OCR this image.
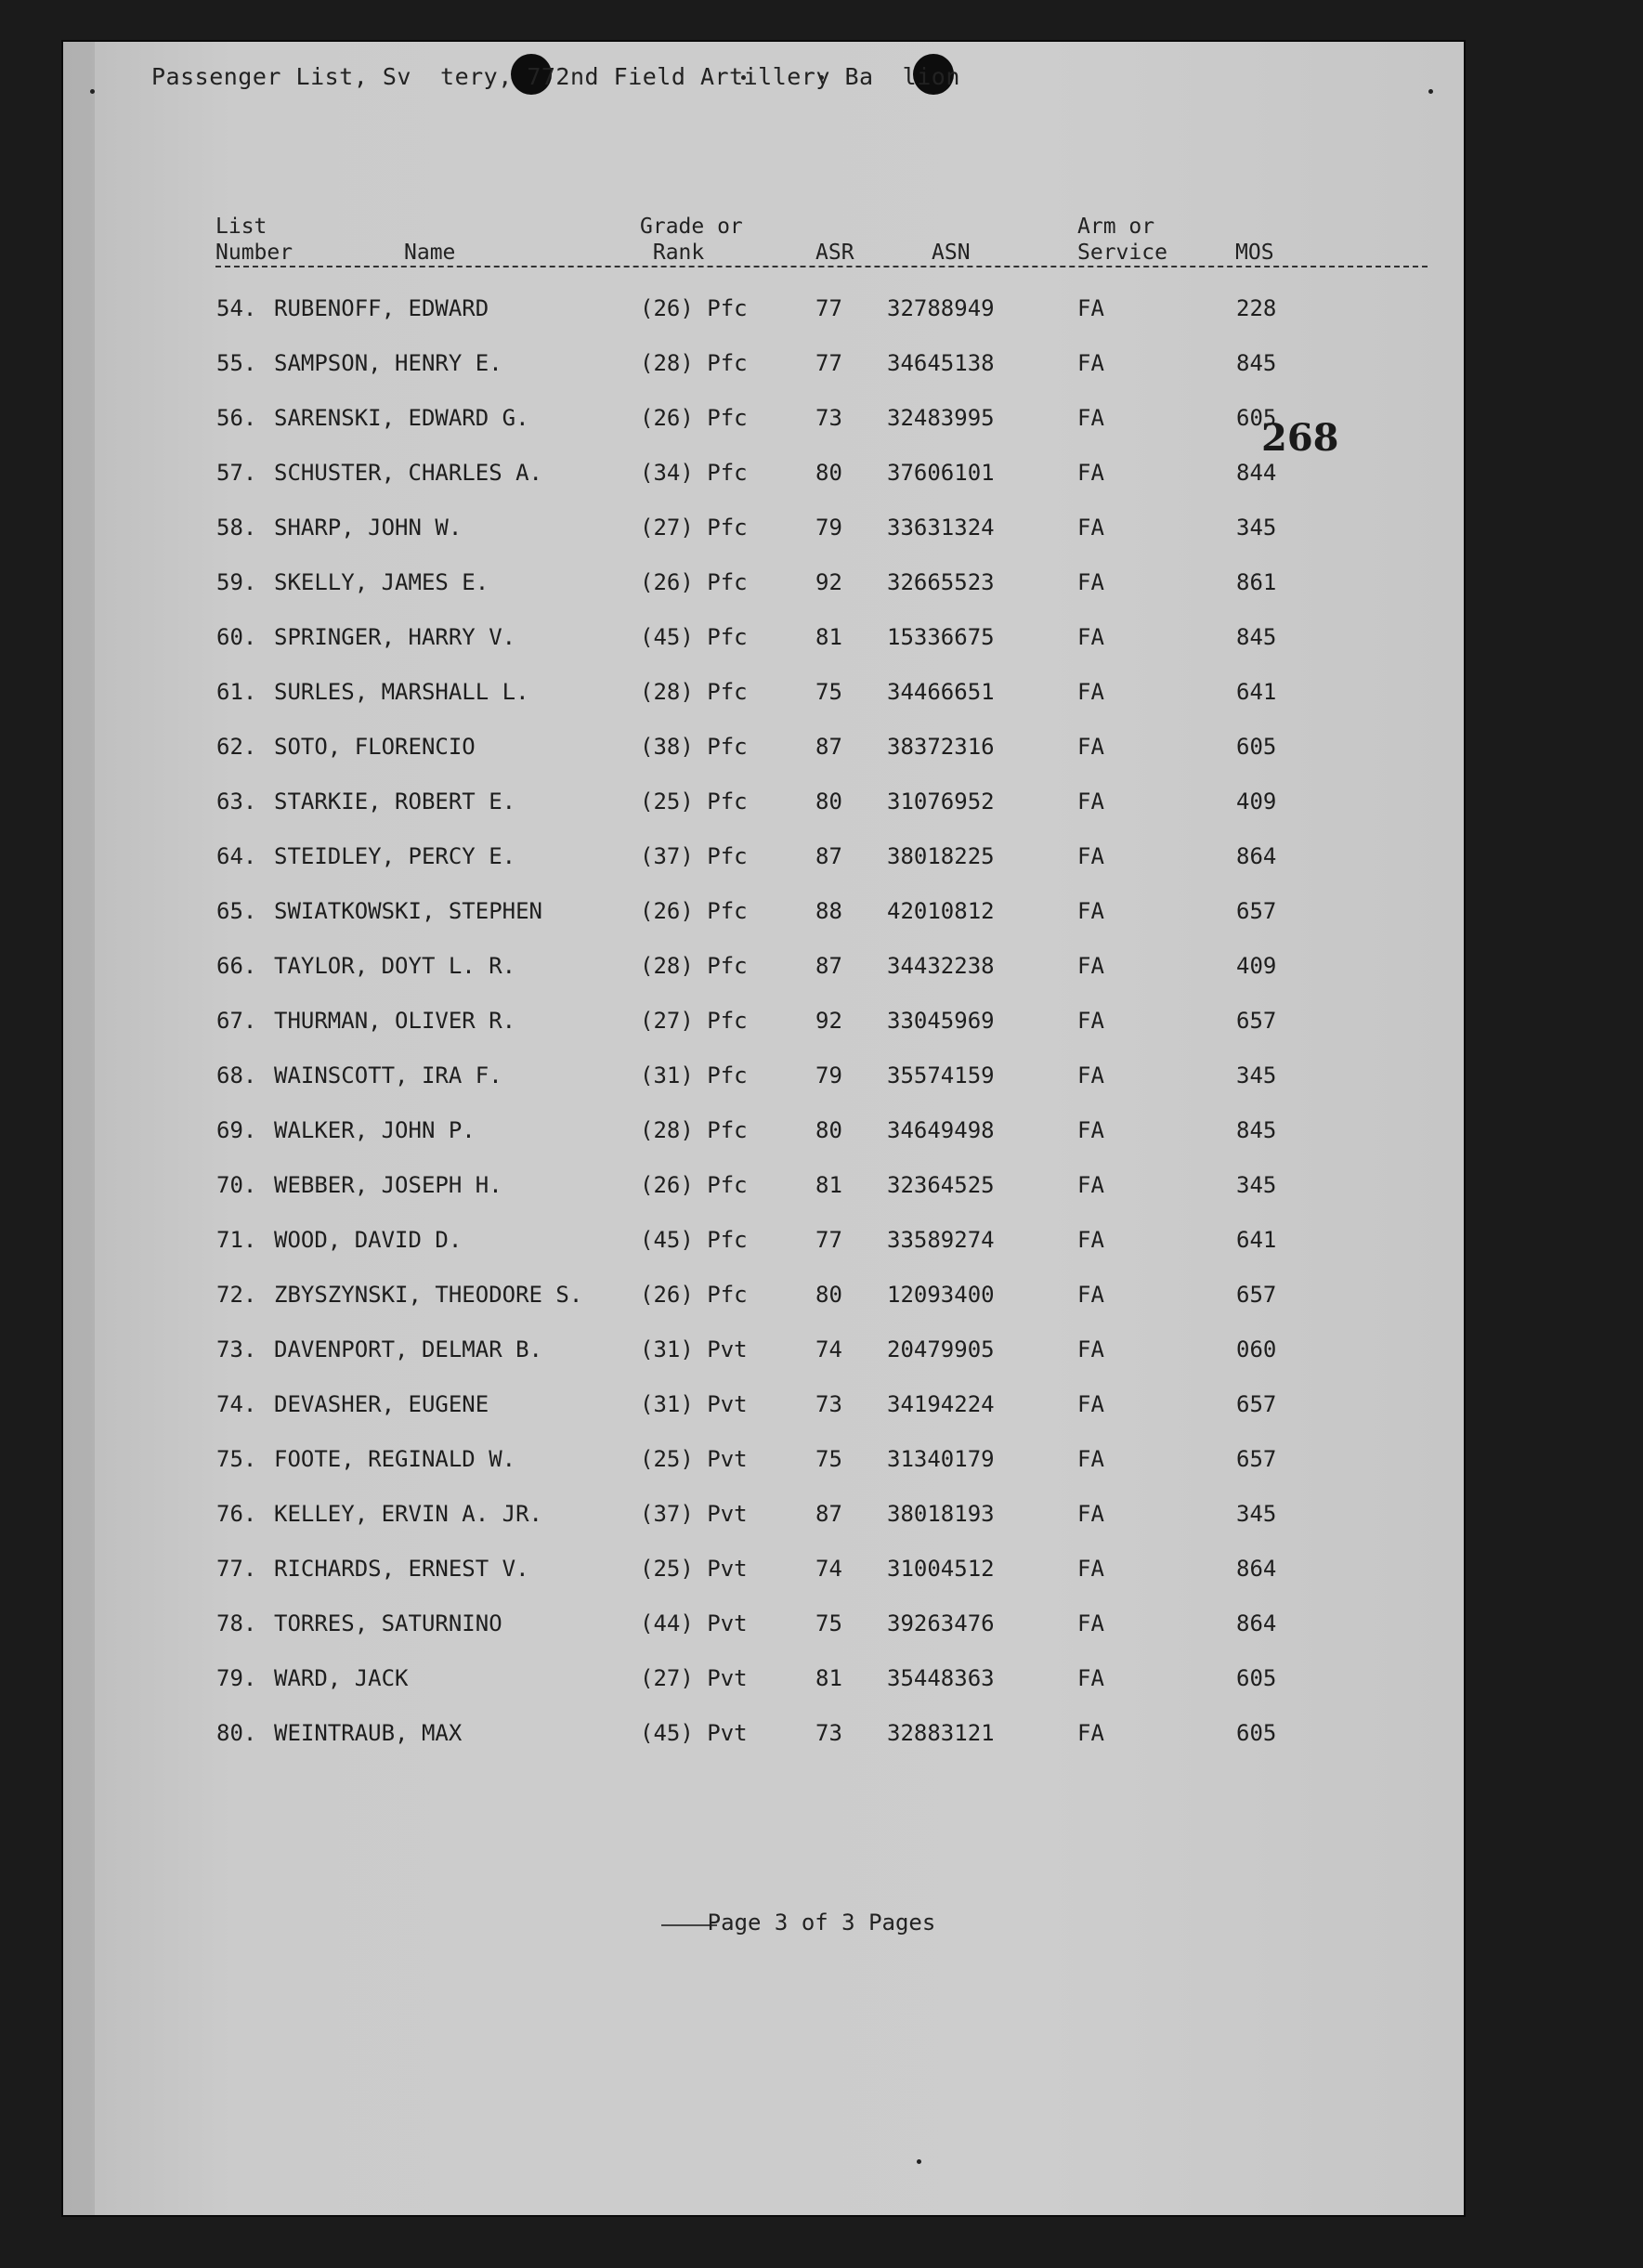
Passenger List, Sv  tery, 772nd Field Artillery Ba  lion
268
List
Number	Name
Grade or
Rank	ASR	ASN
Arm or
Service	MOS
54. RUBENOFF, EDWARD	(26) Pfc	77 32788949	FA	228
55. SAMPSON, HENRY E.	(28) Pfc	77 34645138	FA	845
56. SARENSKI, EDWARD G.	(26) Pfc	73 32483995	FA	605
57. SCHUSTER, CHARLES A.	(34) Pfc	80 37606101	FA	844
58. SHARP, JOHN W.	(27) Pfc	79 33631324	FA	345
59. SKELLY, JAMES E.	(26) Pfc	92 32665523	FA	861
60. SPRINGER, HARRY V.	(45) Pfc	81 15336675	FA	845
61. SURLES, MARSHALL L.	(28) Pfc	75 34466651	FA	641
62. SOTO, FLORENCIO	(38) Pfc	87 38372316	FA	605
63. STARKIE, ROBERT E.	(25) Pfc	80 31076952	FA	409
64. STEIDLEY, PERCY E.	(37) Pfc	87 38018225	FA	864
65. SWIATKOWSKI, STEPHEN	(26) Pfc	88 42010812	FA	657
66. TAYLOR, DOYT L. R.	(28) Pfc	87 34432238	FA	409
67. THURMAN, OLIVER R.	(27) Pfc	92 33045969	FA	657
68. WAINSCOTT, IRA F.	(31) Pfc	79 35574159	FA	345
69. WALKER, JOHN P.	(28) Pfc	80 34649498	FA	845
70. WEBBER, JOSEPH H.	(26) Pfc	81 32364525	FA	345
71. WOOD, DAVID D.	(45) Pfc	77 33589274	FA	641
72. ZBYSZYNSKI, THEODORE S.	(26) Pfc	80 12093400	FA	657
73. DAVENPORT, DELMAR B.	(31) Pvt	74 20479905	FA	060
74. DEVASHER, EUGENE	(31) Pvt	73 34194224	FA	657
75. FOOTE, REGINALD W.	(25) Pvt	75 31340179	FA	657
76. KELLEY, ERVIN A. JR.	(37) Pvt	87 38018193	FA	345
77. RICHARDS, ERNEST V.	(25) Pvt	74 31004512	FA	864
78. TORRES, SATURNINO	(44) Pvt	75 39263476	FA	864
79. WARD, JACK	(27) Pvt	81 35448363	FA	605
80. WEINTRAUB, MAX	(45) Pvt	73 32883121	FA	605
Page 3 of 3 Pages
